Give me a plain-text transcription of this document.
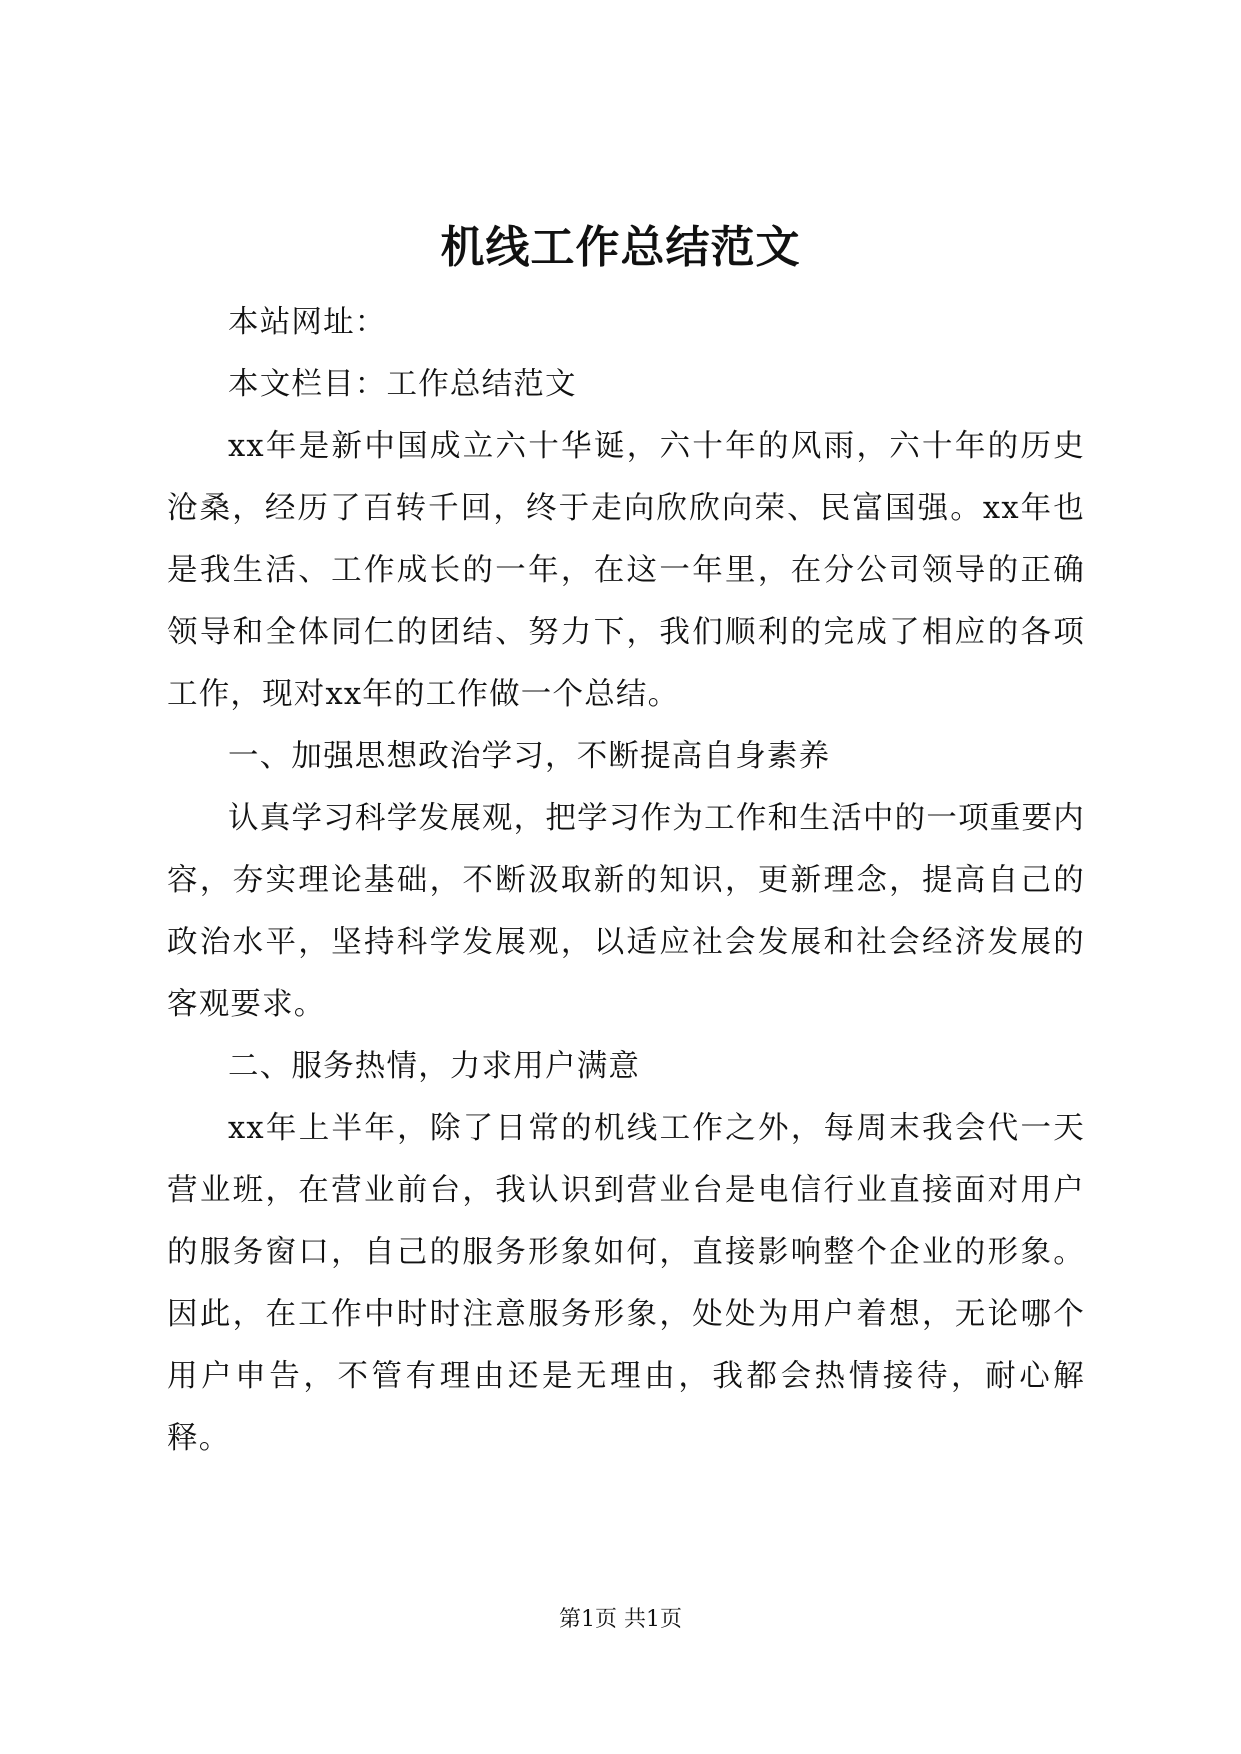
机线工作总结范文

本站网址：

本文栏目：工作总结范文

xx年是新中国成立六十华诞，六十年的风雨，六十年的历史沧桑，经历了百转千回，终于走向欣欣向荣、民富国强。xx年也是我生活、工作成长的一年，在这一年里，在分公司领导的正确领导和全体同仁的团结、努力下，我们顺利的完成了相应的各项工作，现对xx年的工作做一个总结。

一、加强思想政治学习，不断提高自身素养

认真学习科学发展观，把学习作为工作和生活中的一项重要内容，夯实理论基础，不断汲取新的知识，更新理念，提高自己的政治水平，坚持科学发展观，以适应社会发展和社会经济发展的客观要求。

二、服务热情，力求用户满意

xx年上半年，除了日常的机线工作之外，每周末我会代一天营业班，在营业前台，我认识到营业台是电信行业直接面对用户的服务窗口，自己的服务形象如何，直接影响整个企业的形象。因此，在工作中时时注意服务形象，处处为用户着想，无论哪个用户申告，不管有理由还是无理由，我都会热情接待，耐心解释。

第1页 共1页
